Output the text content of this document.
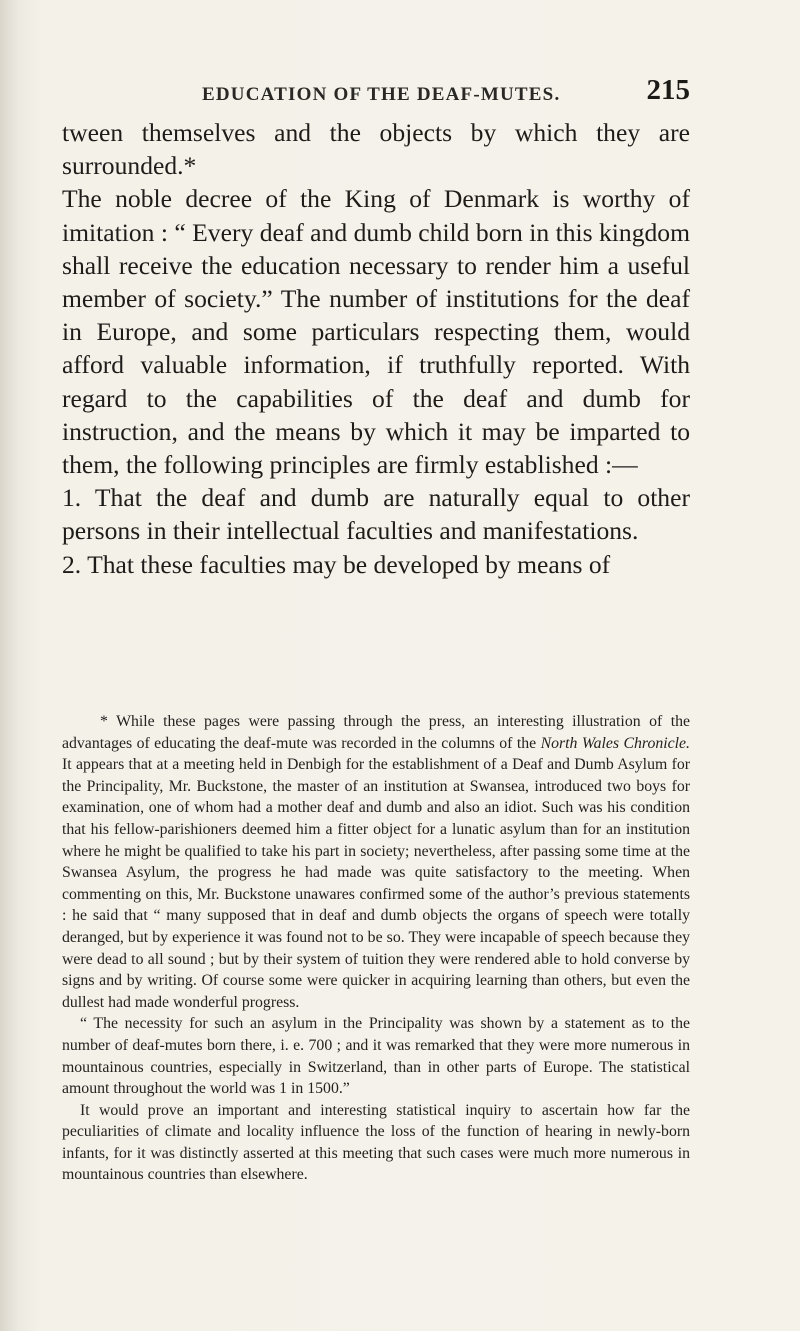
EDUCATION OF THE DEAF-MUTES.	215

tween themselves and the objects by which they are surrounded.*

The noble decree of the King of Denmark is worthy of imitation : “ Every deaf and dumb child born in this kingdom shall receive the education necessary to render him a useful member of society.” The number of institutions for the deaf in Europe, and some particulars respecting them, would afford valuable information, if truthfully reported. With regard to the capabilities of the deaf and dumb for instruction, and the means by which it may be imparted to them, the following principles are firmly established :—

1. That the deaf and dumb are naturally equal to other persons in their intellectual faculties and manifestations.

2. That these faculties may be developed by means of

* While these pages were passing through the press, an interesting illustration of the advantages of educating the deaf-mute was recorded in the columns of the North Wales Chronicle. It appears that at a meeting held in Denbigh for the establishment of a Deaf and Dumb Asylum for the Principality, Mr. Buckstone, the master of an institution at Swansea, introduced two boys for examination, one of whom had a mother deaf and dumb and also an idiot. Such was his condition that his fellow-parishioners deemed him a fitter object for a lunatic asylum than for an institution where he might be qualified to take his part in society; nevertheless, after passing some time at the Swansea Asylum, the progress he had made was quite satisfactory to the meeting. When commenting on this, Mr. Buckstone unawares confirmed some of the author’s previous statements : he said that “ many supposed that in deaf and dumb objects the organs of speech were totally deranged, but by experience it was found not to be so. They were incapable of speech because they were dead to all sound ; but by their system of tuition they were rendered able to hold converse by signs and by writing. Of course some were quicker in acquiring learning than others, but even the dullest had made wonderful progress.

“ The necessity for such an asylum in the Principality was shown by a statement as to the number of deaf-mutes born there, i. e. 700 ; and it was remarked that they were more numerous in mountainous countries, especially in Switzerland, than in other parts of Europe. The statistical amount throughout the world was 1 in 1500.”

It would prove an important and interesting statistical inquiry to ascertain how far the peculiarities of climate and locality influence the loss of the function of hearing in newly-born infants, for it was distinctly asserted at this meeting that such cases were much more numerous in mountainous countries than elsewhere.
